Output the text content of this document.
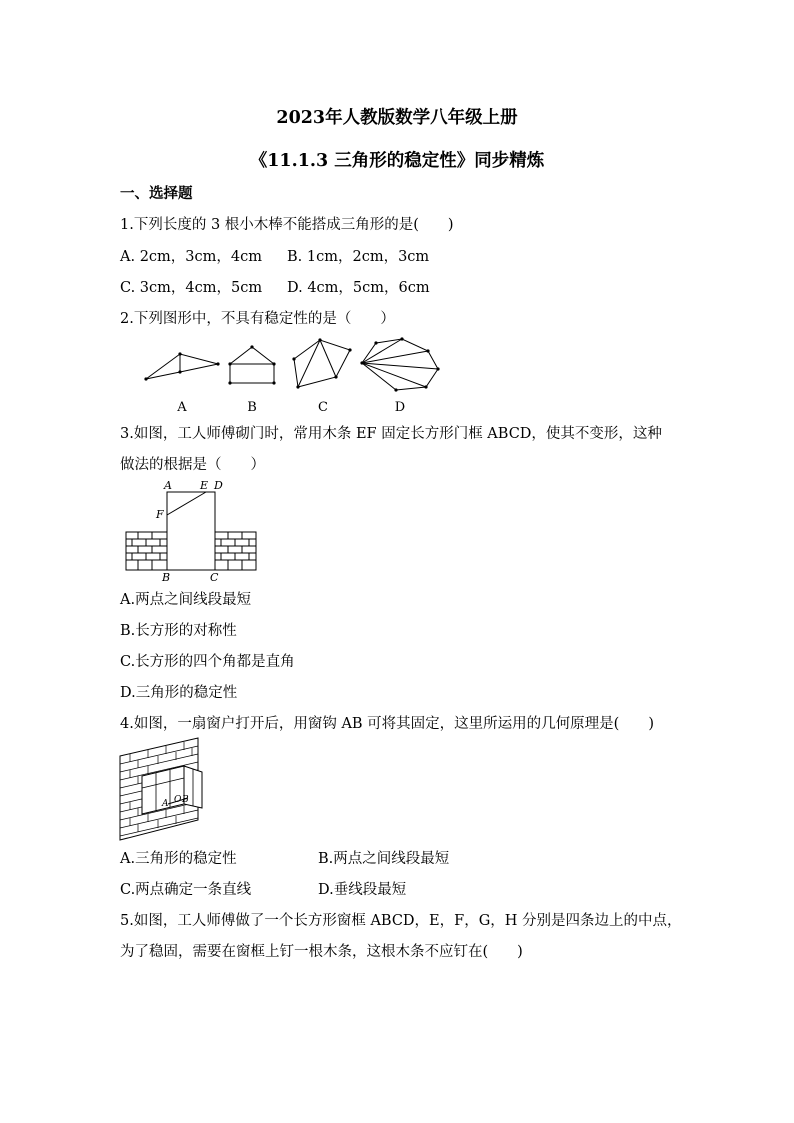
2023年人教版数学八年级上册
《11.1.3 三角形的稳定性》同步精炼
一、选择题
1.下列长度的 3 根小木棒不能搭成三角形的是(　　)
A. 2cm，3cm，4cm B. 1cm，2cm，3cm
C. 3cm，4cm，5cm D. 4cm，5cm，6cm
2.下列图形中，不具有稳定性的是（　　）
A	B	C	D
3.如图，工人师傅砌门时，常用木条 EF 固定长方形门框 ABCD，使其不变形，这种
做法的根据是（　　）
A	E D
F
B	C
A.两点之间线段最短
B.长方形的对称性
C.长方形的四个角都是直角
D.三角形的稳定性
4.如图，一扇窗户打开后，用窗钩 AB 可将其固定，这里所运用的几何原理是(　　)
A O B
A.三角形的稳定性	B.两点之间线段最短
C.两点确定一条直线	D.垂线段最短
5.如图，工人师傅做了一个长方形窗框 ABCD，E，F，G，H 分别是四条边上的中点，
为了稳固，需要在窗框上钉一根木条，这根木条不应钉在(　　)
